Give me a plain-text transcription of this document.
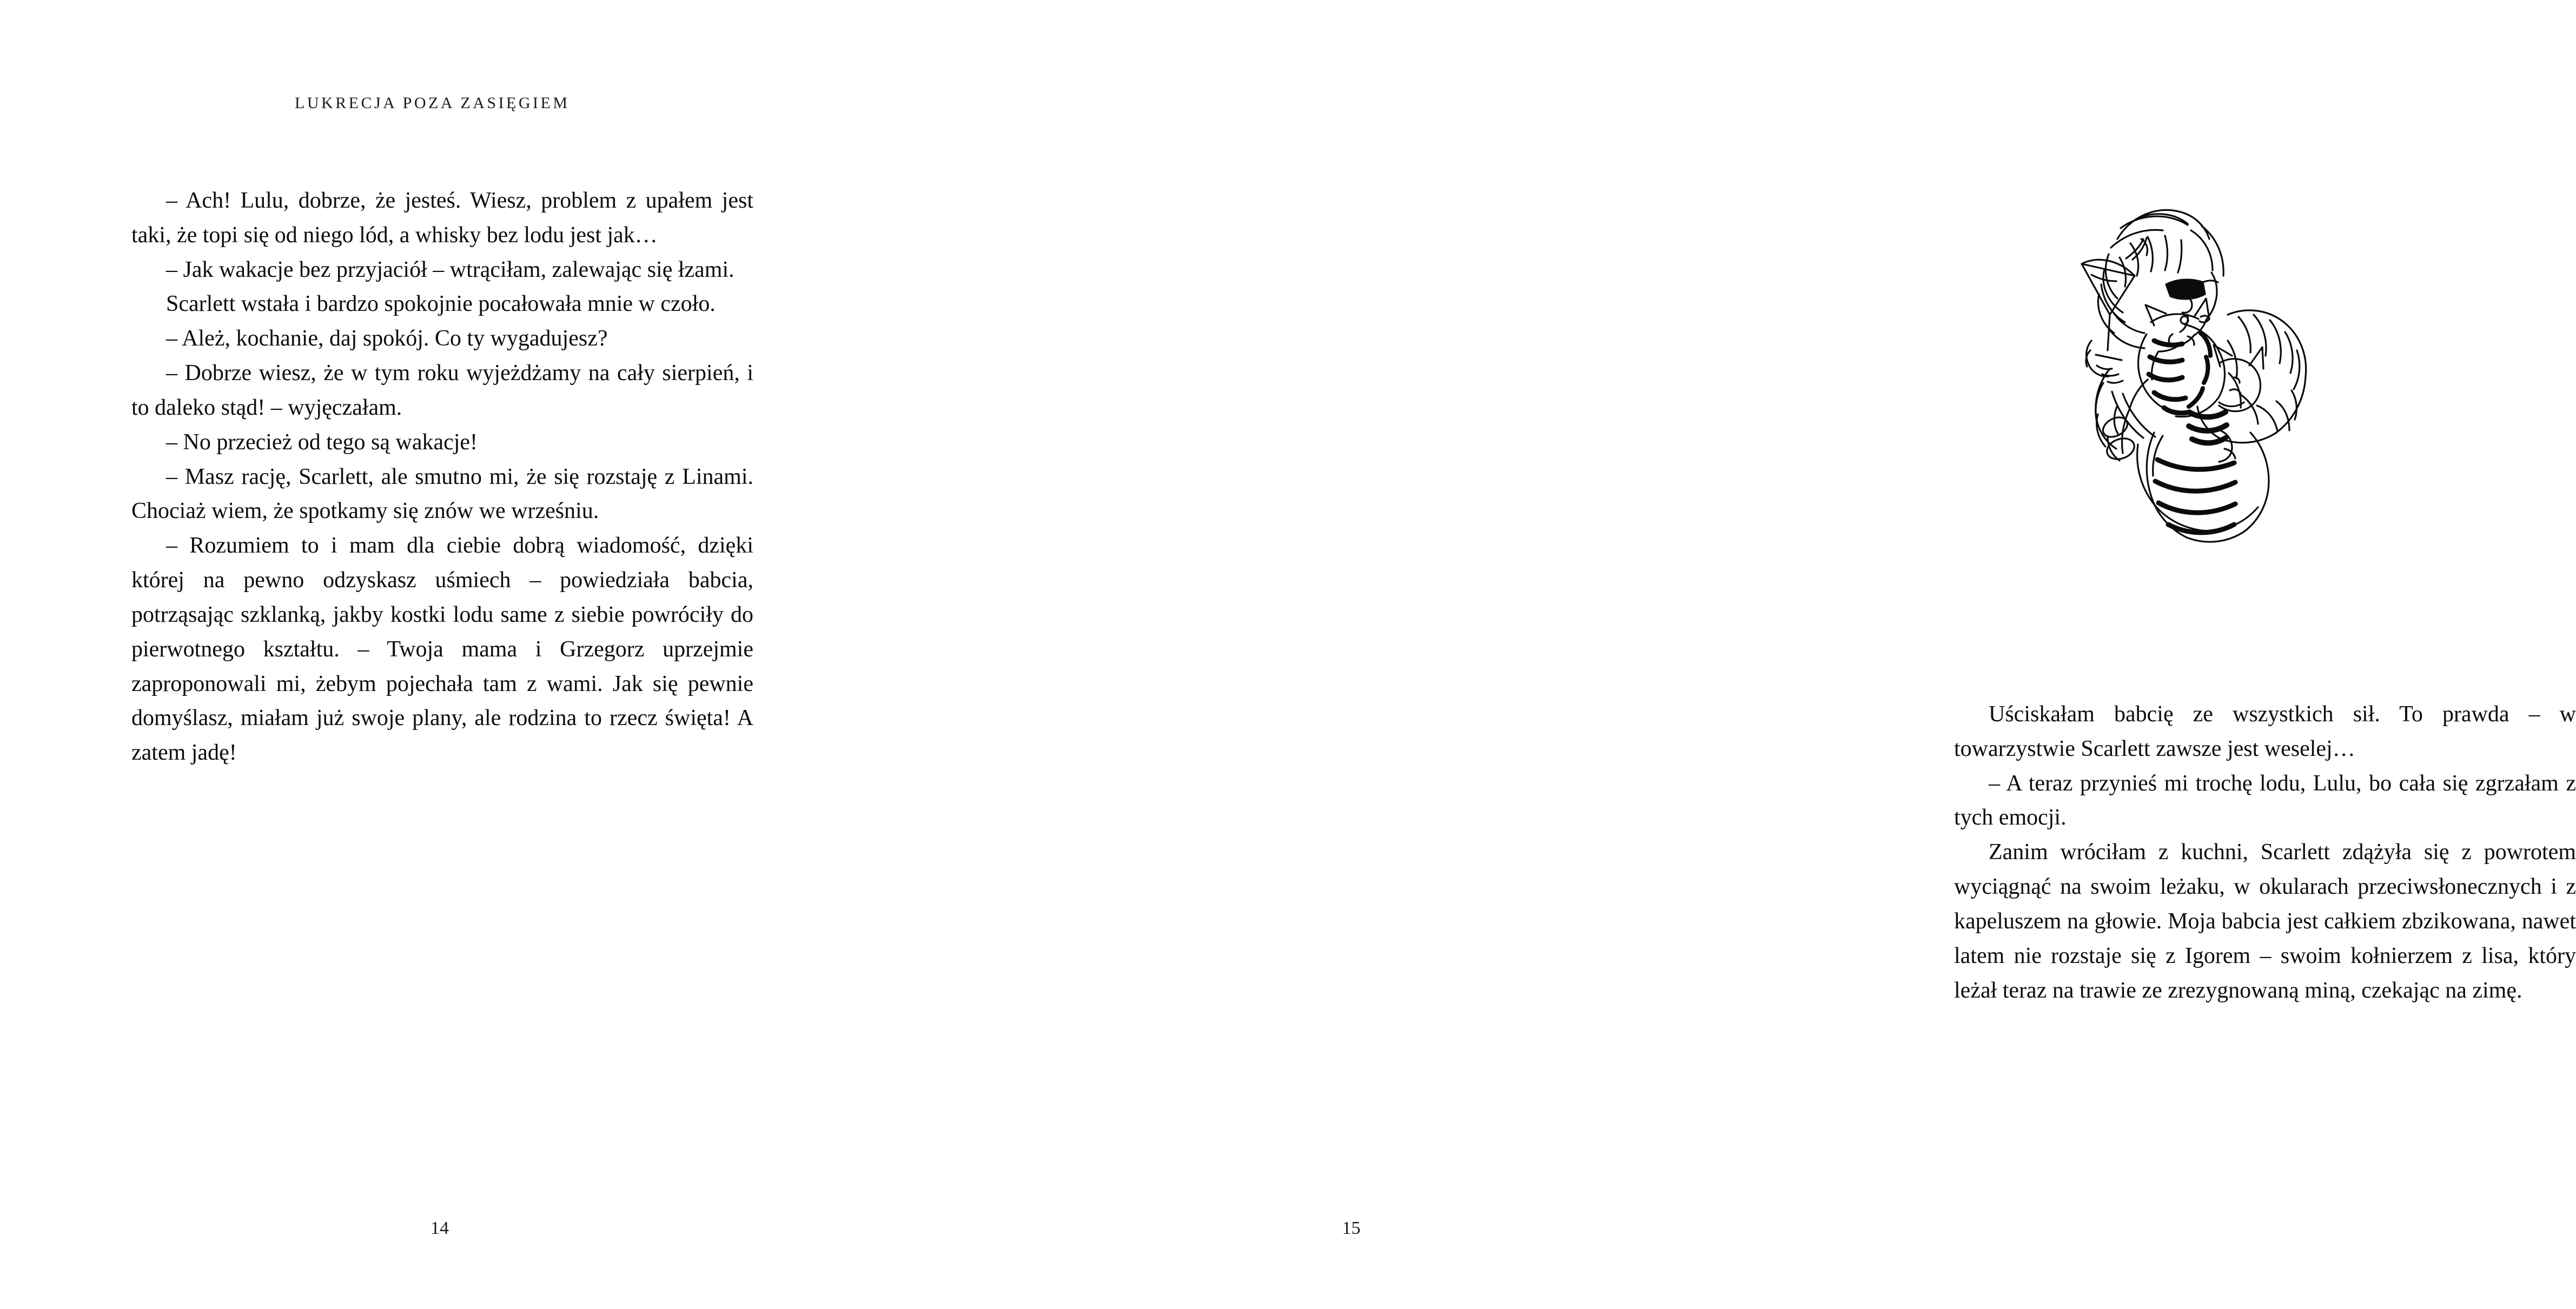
LUKRECJA POZA ZASIĘGIEM

– Ach! Lulu, dobrze, że jesteś. Wiesz, problem z upałem jest taki, że topi się od niego lód, a whisky bez lodu jest jak…

– Jak wakacje bez przyjaciół – wtrąciłam, zalewając się łzami.

Scarlett wstała i bardzo spokojnie pocałowała mnie w czoło.

– Ależ, kochanie, daj spokój. Co ty wygadujesz?

– Dobrze wiesz, że w tym roku wyjeżdżamy na cały sierpień, i to daleko stąd! – wyjęczałam.

– No przecież od tego są wakacje!

– Masz rację, Scarlett, ale smutno mi, że się rozstaję z Linami. Chociaż wiem, że spotkamy się znów we wrześniu.

– Rozumiem to i mam dla ciebie dobrą wiadomość, dzięki której na pewno odzyskasz uśmiech – powiedziała babcia, potrząsając szklanką, jakby kostki lodu same z siebie powróciły do pierwotnego kształtu. – Twoja mama i Grzegorz uprzejmie zaproponowali mi, żebym pojechała tam z wami. Jak się pewnie domyślasz, miałam już swoje plany, ale rodzina to rzecz święta! A zatem jadę!

14

Uściskałam babcię ze wszystkich sił. To prawda – w towarzystwie Scarlett zawsze jest weselej…

– A teraz przynieś mi trochę lodu, Lulu, bo cała się zgrzałam z tych emocji.

Zanim wróciłam z kuchni, Scarlett zdążyła się z powrotem wyciągnąć na swoim leżaku, w okularach przeciwsłonecznych i z kapeluszem na głowie. Moja babcia jest całkiem zbzikowana, nawet latem nie rozstaje się z Igorem – swoim kołnierzem z lisa, który leżał teraz na trawie ze zrezygnowaną miną, czekając na zimę.

15
